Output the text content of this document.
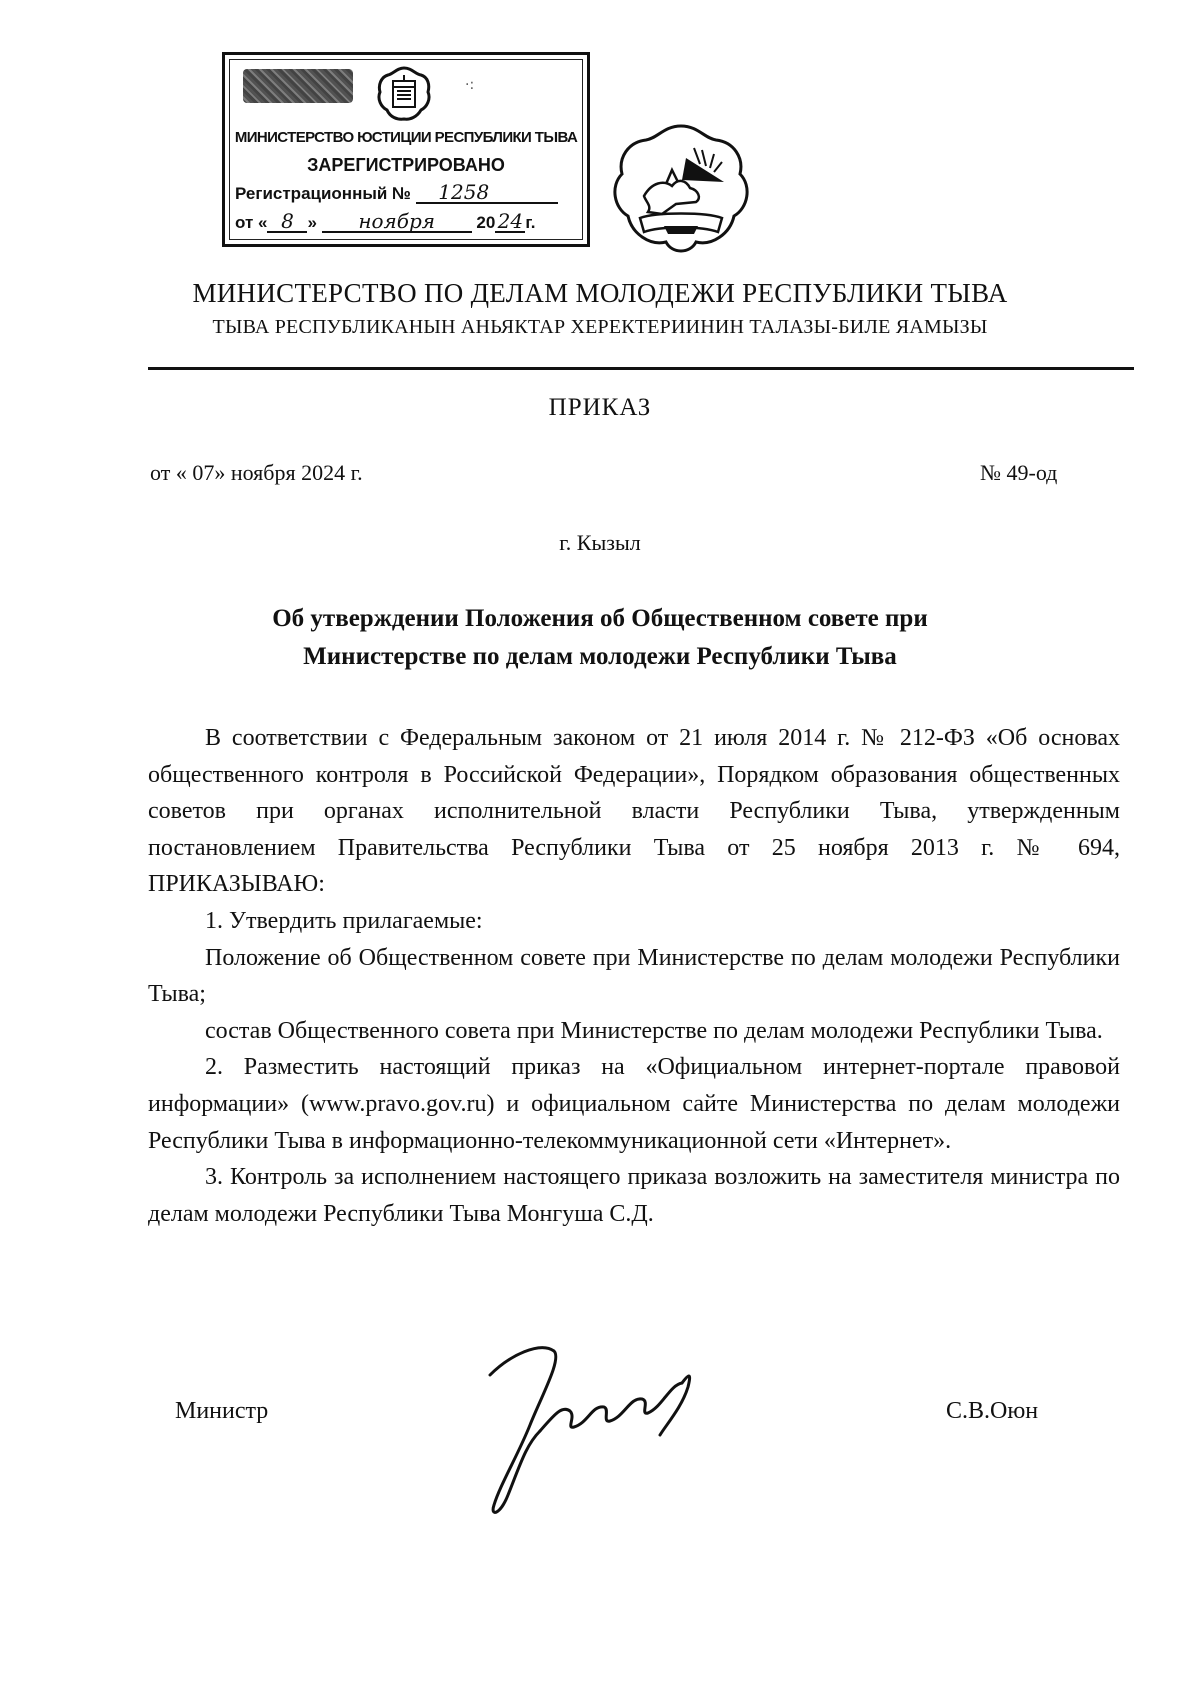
·:
МИНИСТЕРСТВО ЮСТИЦИИ РЕСПУБЛИКИ ТЫВА
ЗАРЕГИСТРИРОВАНО
Регистрационный № 1258
от « 8 » ноября 20 24 г.
МИНИСТЕРСТВО ПО ДЕЛАМ МОЛОДЕЖИ РЕСПУБЛИКИ ТЫВА
ТЫВА РЕСПУБЛИКАНЫН АНЬЯКТАР ХЕРЕКТЕРИИНИН ТАЛАЗЫ-БИЛЕ ЯАМЫЗЫ
ПРИКАЗ
от « 07» ноября 2024 г.	№ 49-од
г. Кызыл
Об утверждении Положения об Общественном совете при
Министерстве по делам молодежи Республики Тыва

В соответствии с Федеральным законом от 21 июля 2014 г. № 212-ФЗ «Об основах общественного контроля в Российской Федерации», Порядком образования общественных советов при органах исполнительной власти Республики Тыва, утвержденным постановлением Правительства Республики Тыва от 25 ноября 2013 г. № 694, ПРИКАЗЫВАЮ:

1. Утвердить прилагаемые:

Положение об Общественном совете при Министерстве по делам молодежи Республики Тыва;

состав Общественного совета при Министерстве по делам молодежи Республики Тыва.

2. Разместить настоящий приказ на «Официальном интернет-портале правовой информации» (www.pravo.gov.ru) и официальном сайте Министерства по делам молодежи Республики Тыва в информационно-телекоммуникационной сети «Интернет».

3. Контроль за исполнением настоящего приказа возложить на заместителя министра по делам молодежи Республики Тыва Монгуша С.Д.

Министр	С.В.Оюн
